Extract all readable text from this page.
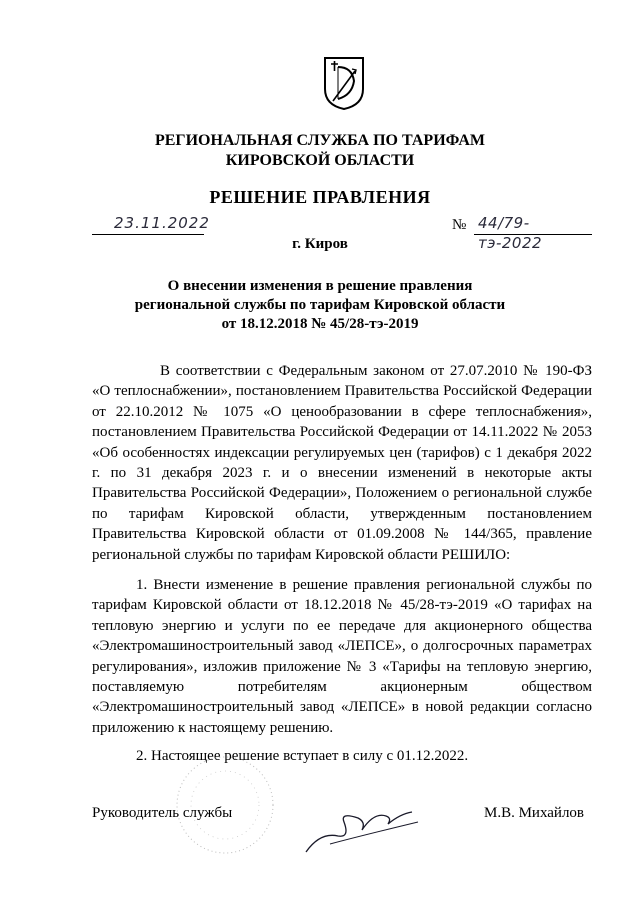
РЕГИОНАЛЬНАЯ СЛУЖБА ПО ТАРИФАМ
КИРОВСКОЙ ОБЛАСТИ
РЕШЕНИЕ ПРАВЛЕНИЯ
23.11.2022	№ 44/79-тэ-2022
г. Киров
О внесении изменения в решение правления
региональной службы по тарифам Кировской области
от 18.12.2018 № 45/28-тэ-2019
В соответствии с Федеральным законом от 27.07.2010 № 190-ФЗ «О теплоснабжении», постановлением Правительства Российской Федерации от 22.10.2012 № 1075 «О ценообразовании в сфере теплоснабжения», постановлением Правительства Российской Федерации от 14.11.2022 № 2053 «Об особенностях индексации регулируемых цен (тарифов) с 1 декабря 2022 г. по 31 декабря 2023 г. и о внесении изменений в некоторые акты Правительства Российской Федерации», Положением о региональной службе по тарифам Кировской области, утвержденным постановлением Правительства Кировской области от 01.09.2008 № 144/365, правление региональной службы по тарифам Кировской области РЕШИЛО:
1. Внести изменение в решение правления региональной службы по тарифам Кировской области от 18.12.2018 № 45/28-тэ-2019 «О тарифах на тепловую энергию и услуги по ее передаче для акционерного общества «Электромашиностроительный завод «ЛЕПСЕ», о долгосрочных параметрах регулирования», изложив приложение № 3 «Тарифы на тепловую энергию, поставляемую потребителям акционерным обществом «Электромашиностроительный завод «ЛЕПСЕ» в новой редакции согласно приложению к настоящему решению.
2. Настоящее решение вступает в силу с 01.12.2022.
Руководитель службы	М.В. Михайлов
